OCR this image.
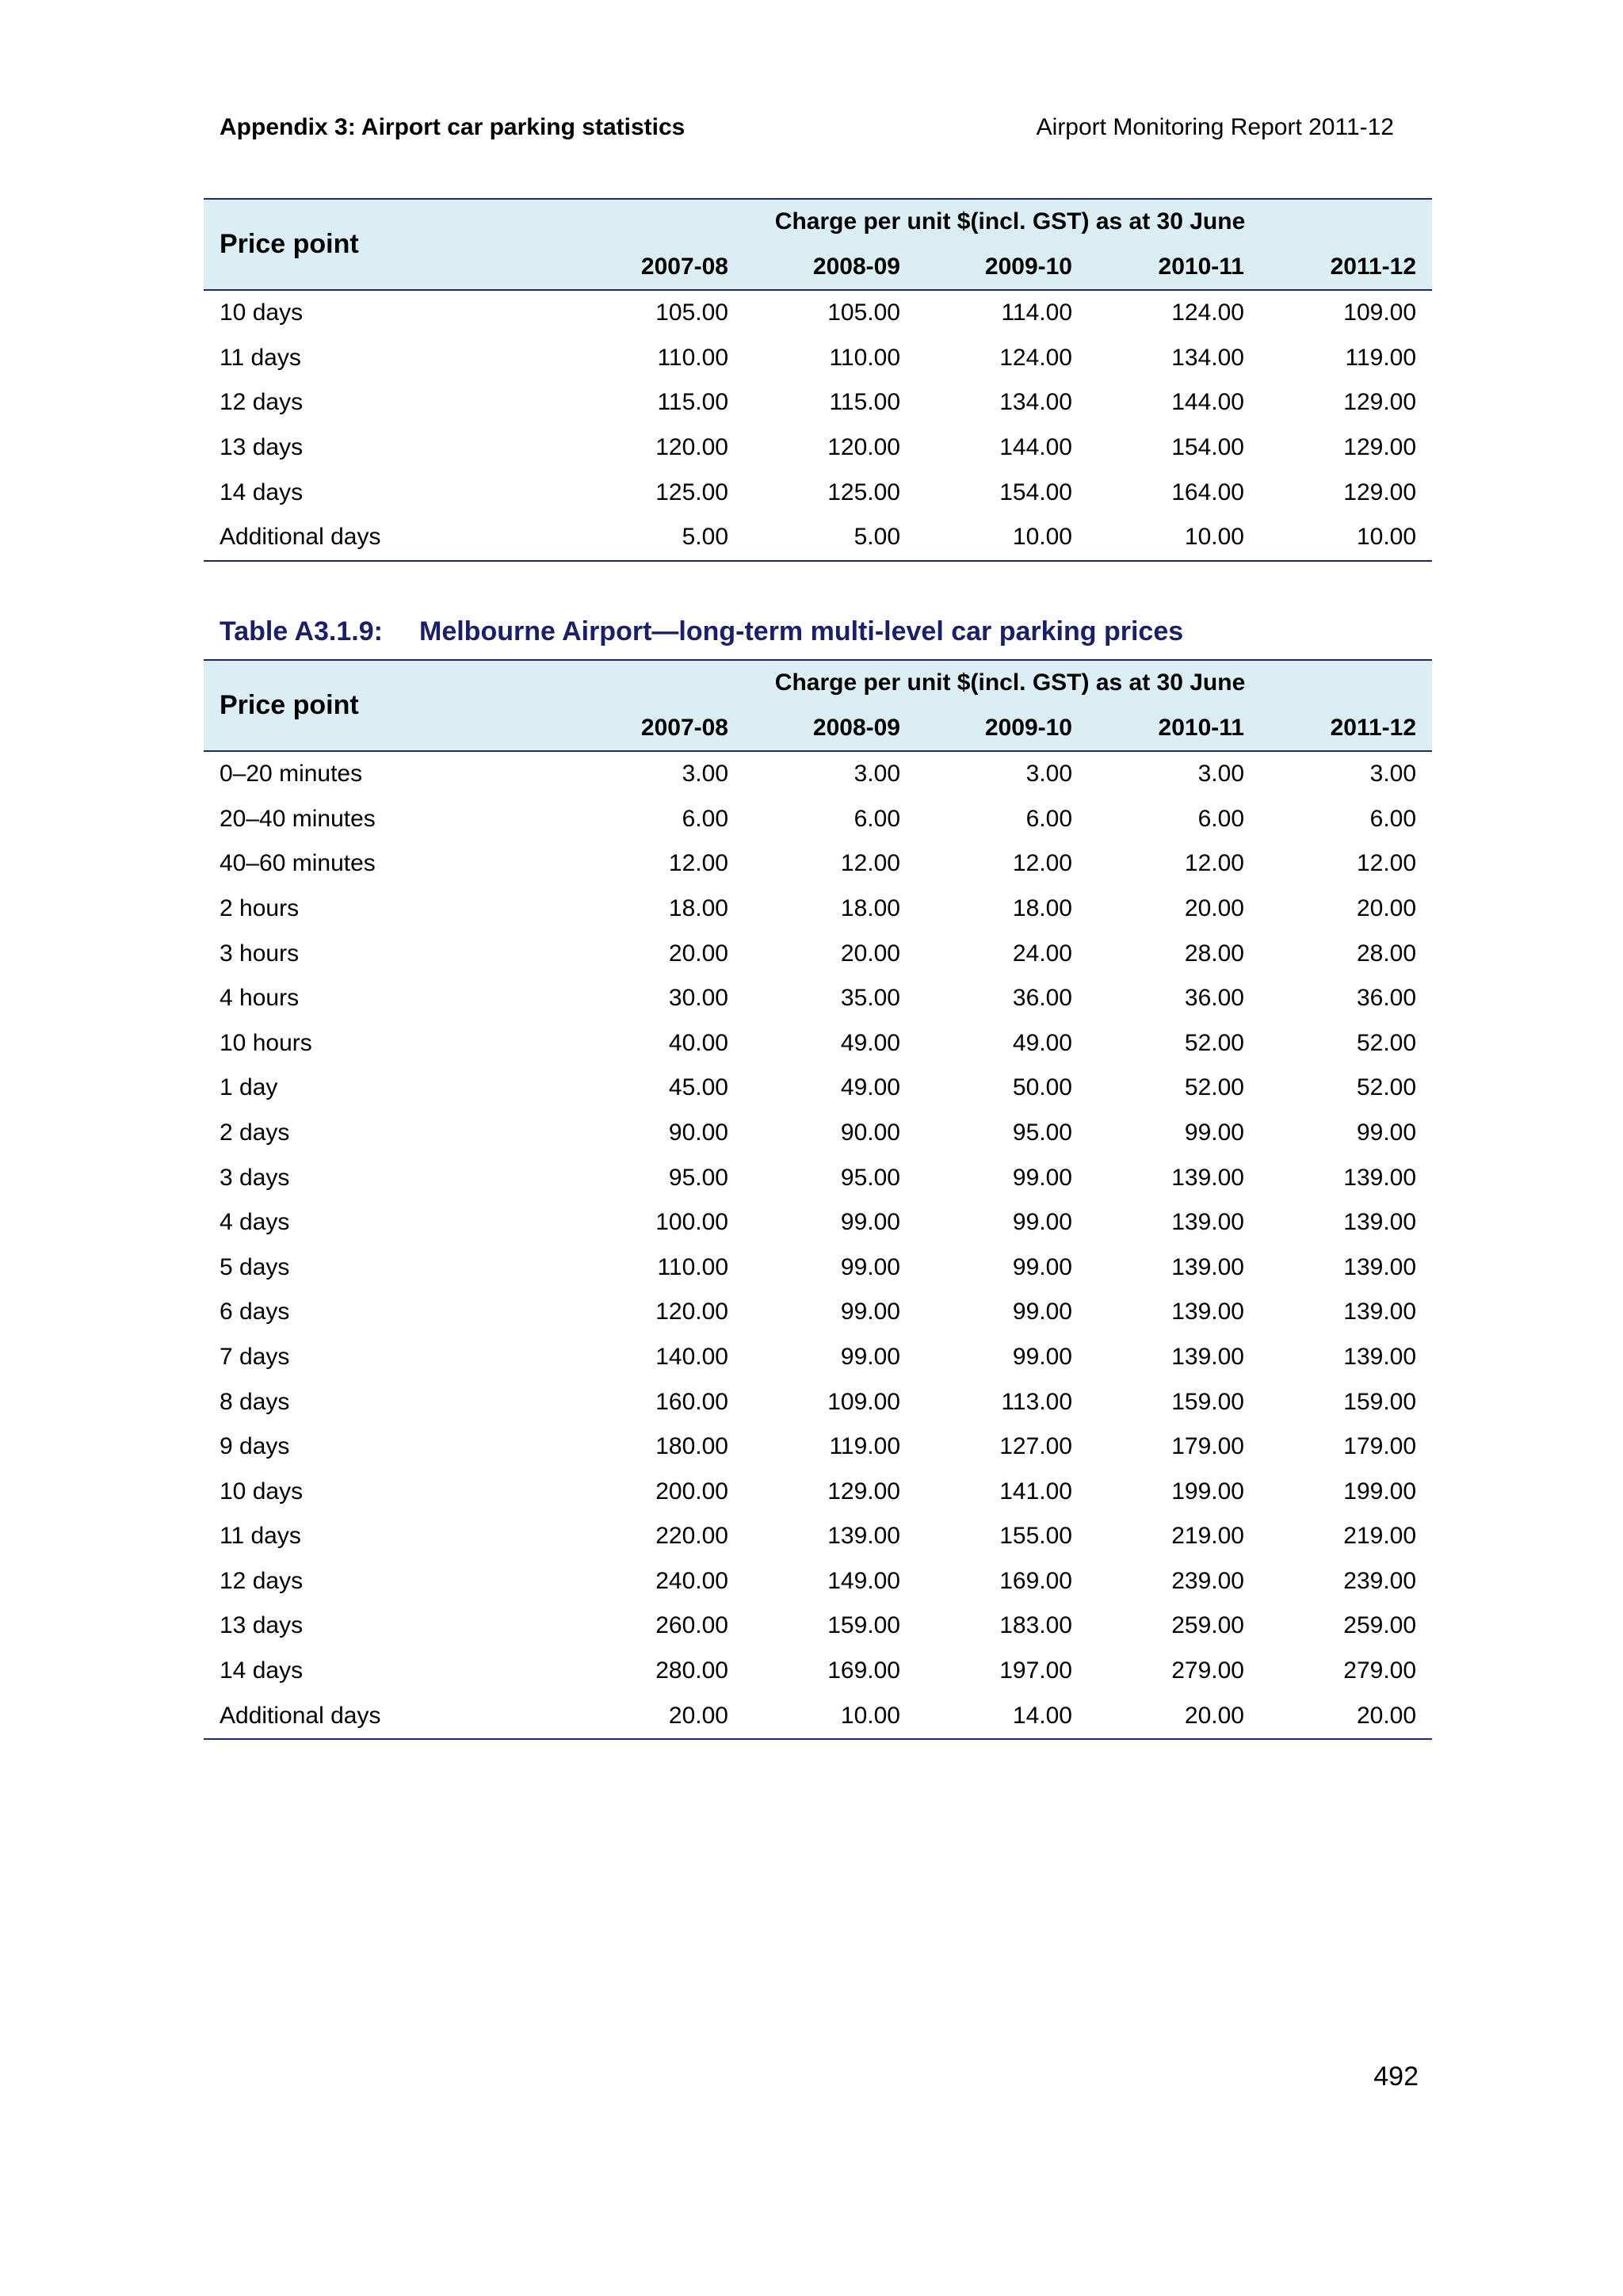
Appendix 3: Airport car parking statistics	Airport Monitoring Report 2011-12
Price point	Charge per unit $(incl. GST) as at 30 June				
	2007-08	2008-09	2009-10	2010-11	2011-12
10 days	105.00	105.00	114.00	124.00	109.00
11 days	110.00	110.00	124.00	134.00	119.00
12 days	115.00	115.00	134.00	144.00	129.00
13 days	120.00	120.00	144.00	154.00	129.00
14 days	125.00	125.00	154.00	164.00	129.00
Additional days	5.00	5.00	10.00	10.00	10.00
Table A3.1.9: Melbourne Airport—long-term multi-level car parking prices
Price point	Charge per unit $(incl. GST) as at 30 June				
	2007-08	2008-09	2009-10	2010-11	2011-12
0–20 minutes	3.00	3.00	3.00	3.00	3.00
20–40 minutes	6.00	6.00	6.00	6.00	6.00
40–60 minutes	12.00	12.00	12.00	12.00	12.00
2 hours	18.00	18.00	18.00	20.00	20.00
3 hours	20.00	20.00	24.00	28.00	28.00
4 hours	30.00	35.00	36.00	36.00	36.00
10 hours	40.00	49.00	49.00	52.00	52.00
1 day	45.00	49.00	50.00	52.00	52.00
2 days	90.00	90.00	95.00	99.00	99.00
3 days	95.00	95.00	99.00	139.00	139.00
4 days	100.00	99.00	99.00	139.00	139.00
5 days	110.00	99.00	99.00	139.00	139.00
6 days	120.00	99.00	99.00	139.00	139.00
7 days	140.00	99.00	99.00	139.00	139.00
8 days	160.00	109.00	113.00	159.00	159.00
9 days	180.00	119.00	127.00	179.00	179.00
10 days	200.00	129.00	141.00	199.00	199.00
11 days	220.00	139.00	155.00	219.00	219.00
12 days	240.00	149.00	169.00	239.00	239.00
13 days	260.00	159.00	183.00	259.00	259.00
14 days	280.00	169.00	197.00	279.00	279.00
Additional days	20.00	10.00	14.00	20.00	20.00
492
